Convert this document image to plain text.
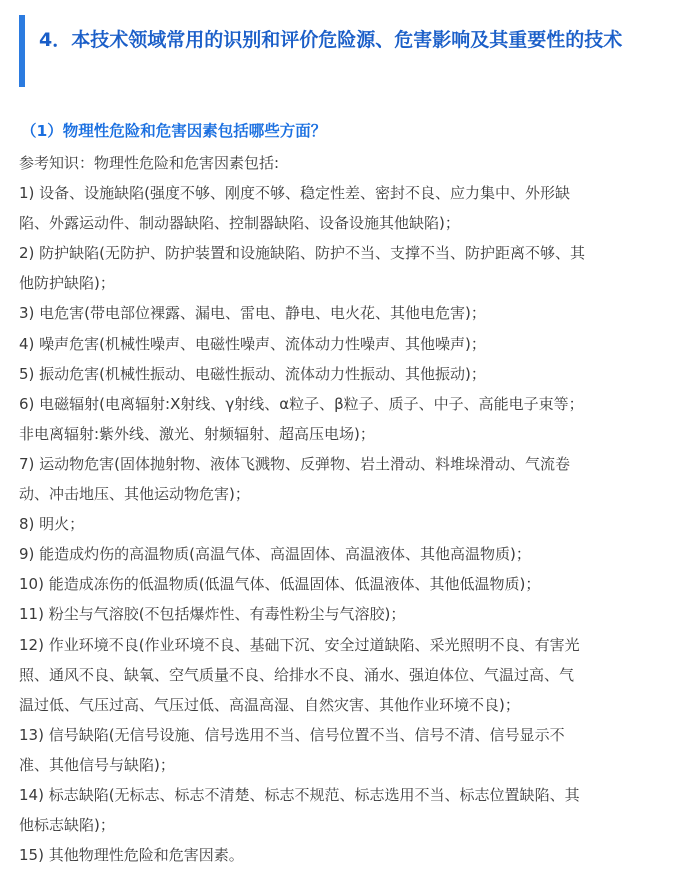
4．本技术领域常用的识别和评价危险源、危害影响及其重要性的技术
（1）物理性危险和危害因素包括哪些方面？
参考知识：物理性危险和危害因素包括:
1) 设备、设施缺陷(强度不够、刚度不够、稳定性差、密封不良、应力集中、外形缺
陷、外露运动件、制动器缺陷、控制器缺陷、设备设施其他缺陷)；
2) 防护缺陷(无防护、防护装置和设施缺陷、防护不当、支撑不当、防护距离不够、其
他防护缺陷)；
3) 电危害(带电部位裸露、漏电、雷电、静电、电火花、其他电危害)；
4) 噪声危害(机械性噪声、电磁性噪声、流体动力性噪声、其他噪声)；
5) 振动危害(机械性振动、电磁性振动、流体动力性振动、其他振动)；
6) 电磁辐射(电离辐射:X射线、γ射线、α粒子、β粒子、质子、中子、高能电子束等；
非电离辐射:紫外线、激光、射频辐射、超高压电场)；
7) 运动物危害(固体抛射物、液体飞溅物、反弹物、岩土滑动、料堆垛滑动、气流卷
动、冲击地压、其他运动物危害)；
8) 明火；
9) 能造成灼伤的高温物质(高温气体、高温固体、高温液体、其他高温物质)；
10) 能造成冻伤的低温物质(低温气体、低温固体、低温液体、其他低温物质)；
11) 粉尘与气溶胶(不包括爆炸性、有毒性粉尘与气溶胶)；
12) 作业环境不良(作业环境不良、基础下沉、安全过道缺陷、采光照明不良、有害光
照、通风不良、缺氧、空气质量不良、给排水不良、涌水、强迫体位、气温过高、气
温过低、气压过高、气压过低、高温高湿、自然灾害、其他作业环境不良)；
13) 信号缺陷(无信号设施、信号选用不当、信号位置不当、信号不清、信号显示不
准、其他信号与缺陷)；
14) 标志缺陷(无标志、标志不清楚、标志不规范、标志选用不当、标志位置缺陷、其
他标志缺陷)；
15) 其他物理性危险和危害因素。
